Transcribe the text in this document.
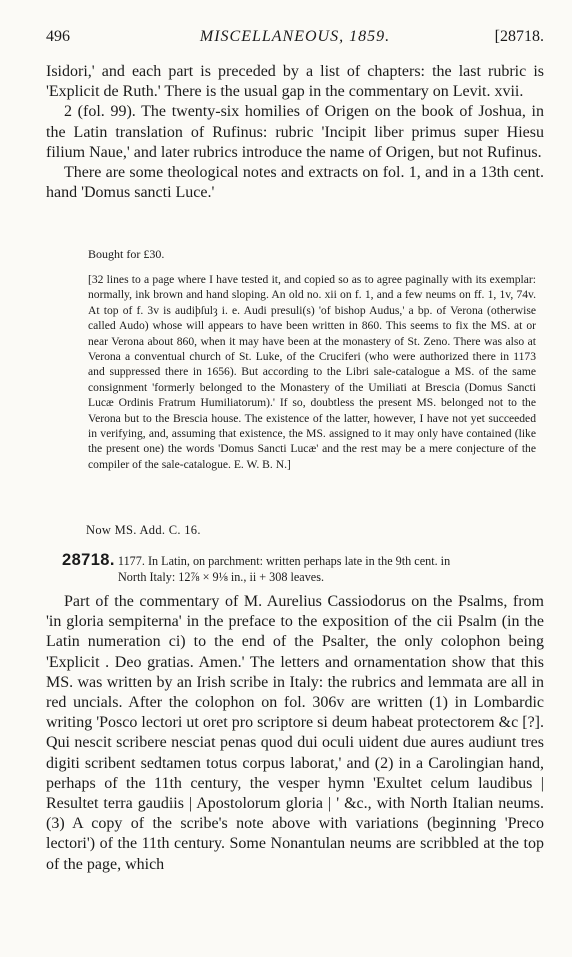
496	MISCELLANEOUS, 1859.	[28718.

Isidori,' and each part is preceded by a list of chapters: the last rubric is 'Explicit de Ruth.' There is the usual gap in the commentary on Levit. xvii.

2 (fol. 99). The twenty-six homilies of Origen on the book of Joshua, in the Latin translation of Rufinus: rubric 'Incipit liber primus super Hiesu filium Naue,' and later rubrics introduce the name of Origen, but not Rufinus.

There are some theological notes and extracts on fol. 1, and in a 13th cent. hand 'Domus sancti Luce.'

Bought for £30.

[32 lines to a page where I have tested it, and copied so as to agree paginally with its exemplar: normally, ink brown and hand sloping. An old no. xii on f. 1, and a few neums on ff. 1, 1v, 74v. At top of f. 3v is audiþſulȝ i. e. Audi presuli(s) 'of bishop Audus,' a bp. of Verona (otherwise called Audo) whose will appears to have been written in 860. This seems to fix the MS. at or near Verona about 860, when it may have been at the monastery of St. Zeno. There was also at Verona a conventual church of St. Luke, of the Cruciferi (who were authorized there in 1173 and suppressed there in 1656). But according to the Libri sale-catalogue a MS. of the same consignment 'formerly belonged to the Monastery of the Umiliati at Brescia (Domus Sancti Lucæ Ordinis Fratrum Humiliatorum).' If so, doubtless the present MS. belonged not to the Verona but to the Brescia house. The existence of the latter, however, I have not yet succeeded in verifying, and, assuming that existence, the MS. assigned to it may only have contained (like the present one) the words 'Domus Sancti Lucæ' and the rest may be a mere conjecture of the compiler of the sale-catalogue. E. W. B. N.]

Now MS. Add. C. 16.
28718. 1177. In Latin, on parchment: written perhaps late in the 9th cent. in
North Italy: 12⅞ × 9⅛ in., ii + 308 leaves.

Part of the commentary of M. Aurelius Cassiodorus on the Psalms, from 'in gloria sempiterna' in the preface to the exposition of the cii Psalm (in the Latin numeration ci) to the end of the Psalter, the only colophon being 'Explicit . Deo gratias. Amen.' The letters and ornamentation show that this MS. was written by an Irish scribe in Italy: the rubrics and lemmata are all in red uncials. After the colophon on fol. 306v are written (1) in Lombardic writing 'Posco lectori ut oret pro scriptore si deum habeat protectorem &c [?]. Qui nescit scribere nesciat penas quod dui oculi uident due aures audiunt tres digiti scribent sedtamen totus corpus laborat,' and (2) in a Carolingian hand, perhaps of the 11th century, the vesper hymn 'Exultet celum laudibus | Resultet terra gaudiis | Apostolorum gloria | ' &c., with North Italian neums. (3) A copy of the scribe's note above with variations (beginning 'Preco lectori') of the 11th century. Some Nonantulan neums are scribbled at the top of the page, which
